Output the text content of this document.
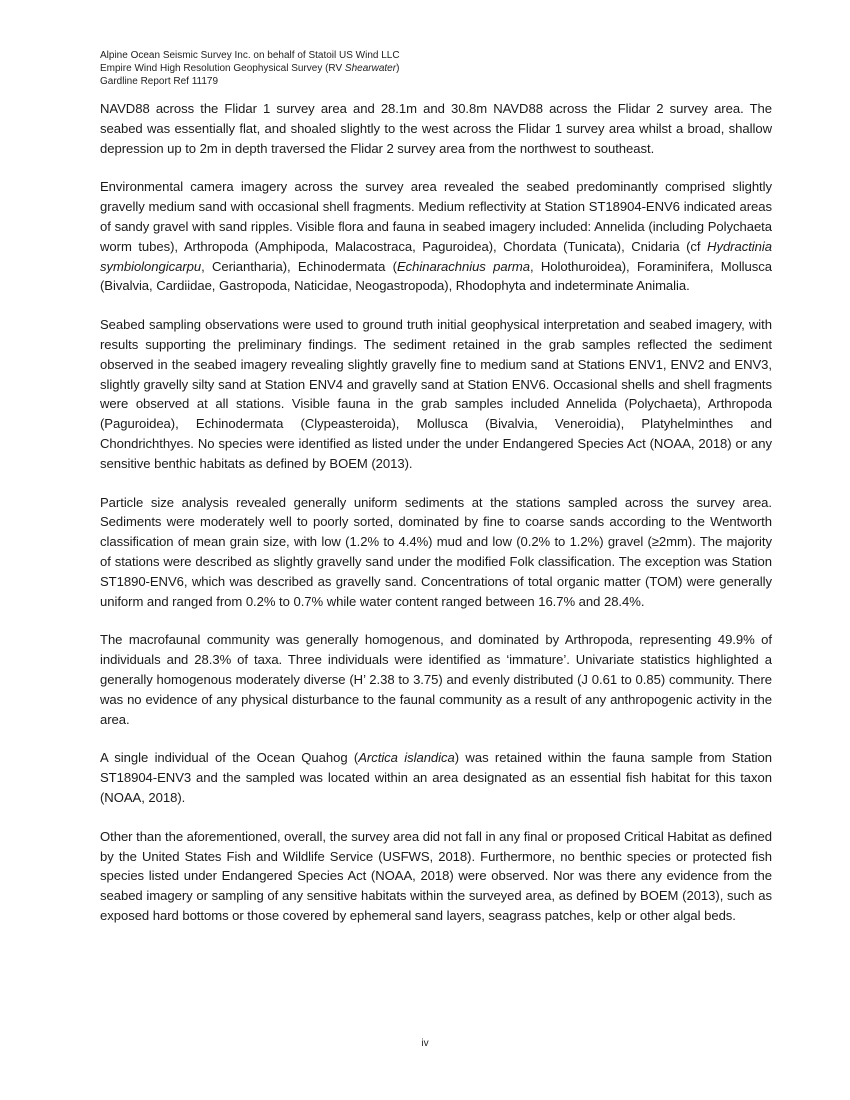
Alpine Ocean Seismic Survey Inc. on behalf of Statoil US Wind LLC
Empire Wind High Resolution Geophysical Survey (RV Shearwater)
Gardline Report Ref 11179

NAVD88 across the Flidar 1 survey area and 28.1m and 30.8m NAVD88 across the Flidar 2 survey area. The seabed was essentially flat, and shoaled slightly to the west across the Flidar 1 survey area whilst a broad, shallow depression up to 2m in depth traversed the Flidar 2 survey area from the northwest to southeast.

Environmental camera imagery across the survey area revealed the seabed predominantly comprised slightly gravelly medium sand with occasional shell fragments. Medium reflectivity at Station ST18904-ENV6 indicated areas of sandy gravel with sand ripples. Visible flora and fauna in seabed imagery included: Annelida (including Polychaeta worm tubes), Arthropoda (Amphipoda, Malacostraca, Paguroidea), Chordata (Tunicata), Cnidaria (cf Hydractinia symbiolongicarpu, Ceriantharia), Echinodermata (Echinarachnius parma, Holothuroidea), Foraminifera, Mollusca (Bivalvia, Cardiidae, Gastropoda, Naticidae, Neogastropoda), Rhodophyta and indeterminate Animalia.

Seabed sampling observations were used to ground truth initial geophysical interpretation and seabed imagery, with results supporting the preliminary findings. The sediment retained in the grab samples reflected the sediment observed in the seabed imagery revealing slightly gravelly fine to medium sand at Stations ENV1, ENV2 and ENV3, slightly gravelly silty sand at Station ENV4 and gravelly sand at Station ENV6. Occasional shells and shell fragments were observed at all stations. Visible fauna in the grab samples included Annelida (Polychaeta), Arthropoda (Paguroidea), Echinodermata (Clypeasteroida), Mollusca (Bivalvia, Veneroidia), Platyhelminthes and Chondrichthyes. No species were identified as listed under the under Endangered Species Act (NOAA, 2018) or any sensitive benthic habitats as defined by BOEM (2013).

Particle size analysis revealed generally uniform sediments at the stations sampled across the survey area. Sediments were moderately well to poorly sorted, dominated by fine to coarse sands according to the Wentworth classification of mean grain size, with low (1.2% to 4.4%) mud and low (0.2% to 1.2%) gravel (≥2mm). The majority of stations were described as slightly gravelly sand under the modified Folk classification. The exception was Station ST1890-ENV6, which was described as gravelly sand. Concentrations of total organic matter (TOM) were generally uniform and ranged from 0.2% to 0.7% while water content ranged between 16.7% and 28.4%.

The macrofaunal community was generally homogenous, and dominated by Arthropoda, representing 49.9% of individuals and 28.3% of taxa. Three individuals were identified as ‘immature’. Univariate statistics highlighted a generally homogenous moderately diverse (H’ 2.38 to 3.75) and evenly distributed (J 0.61 to 0.85) community. There was no evidence of any physical disturbance to the faunal community as a result of any anthropogenic activity in the area.

A single individual of the Ocean Quahog (Arctica islandica) was retained within the fauna sample from Station ST18904-ENV3 and the sampled was located within an area designated as an essential fish habitat for this taxon (NOAA, 2018).

Other than the aforementioned, overall, the survey area did not fall in any final or proposed Critical Habitat as defined by the United States Fish and Wildlife Service (USFWS, 2018). Furthermore, no benthic species or protected fish species listed under Endangered Species Act (NOAA, 2018) were observed. Nor was there any evidence from the seabed imagery or sampling of any sensitive habitats within the surveyed area, as defined by BOEM (2013), such as exposed hard bottoms or those covered by ephemeral sand layers, seagrass patches, kelp or other algal beds.

iv
